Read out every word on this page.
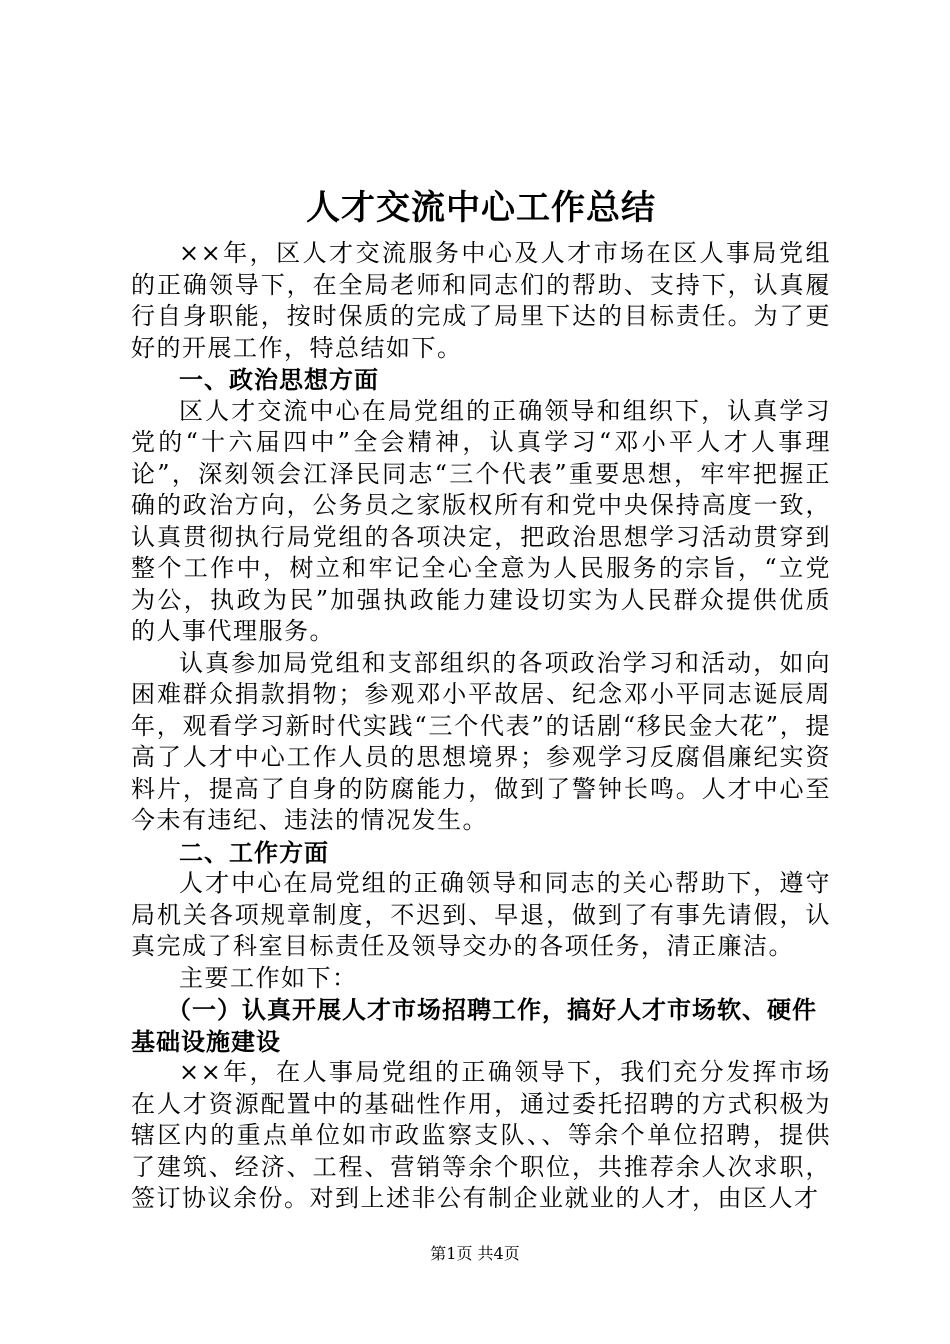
人才交流中心工作总结

××年，区人才交流服务中心及人才市场在区人事局党组的正确领导下，在全局老师和同志们的帮助、支持下，认真履行自身职能，按时保质的完成了局里下达的目标责任。为了更好的开展工作，特总结如下。

一、政治思想方面

区人才交流中心在局党组的正确领导和组织下，认真学习党的“十六届四中”全会精神，认真学习“邓小平人才人事理论”，深刻领会江泽民同志“三个代表”重要思想，牢牢把握正确的政治方向，公务员之家版权所有和党中央保持高度一致，认真贯彻执行局党组的各项决定，把政治思想学习活动贯穿到整个工作中，树立和牢记全心全意为人民服务的宗旨，“立党为公，执政为民”加强执政能力建设切实为人民群众提供优质的人事代理服务。

认真参加局党组和支部组织的各项政治学习和活动，如向困难群众捐款捐物；参观邓小平故居、纪念邓小平同志诞辰周年，观看学习新时代实践“三个代表”的话剧“移民金大花”，提高了人才中心工作人员的思想境界；参观学习反腐倡廉纪实资料片，提高了自身的防腐能力，做到了警钟长鸣。人才中心至今未有违纪、违法的情况发生。

二、工作方面

人才中心在局党组的正确领导和同志的关心帮助下，遵守局机关各项规章制度，不迟到、早退，做到了有事先请假，认真完成了科室目标责任及领导交办的各项任务，清正廉洁。

主要工作如下：

（一）认真开展人才市场招聘工作，搞好人才市场软、硬件基础设施建设

××年，在人事局党组的正确领导下，我们充分发挥市场在人才资源配置中的基础性作用，通过委托招聘的方式积极为辖区内的重点单位如市政监察支队、、等余个单位招聘，提供了建筑、经济、工程、营销等余个职位，共推荐余人次求职，签订协议余份。对到上述非公有制企业就业的人才，由区人才

第1页 共4页
